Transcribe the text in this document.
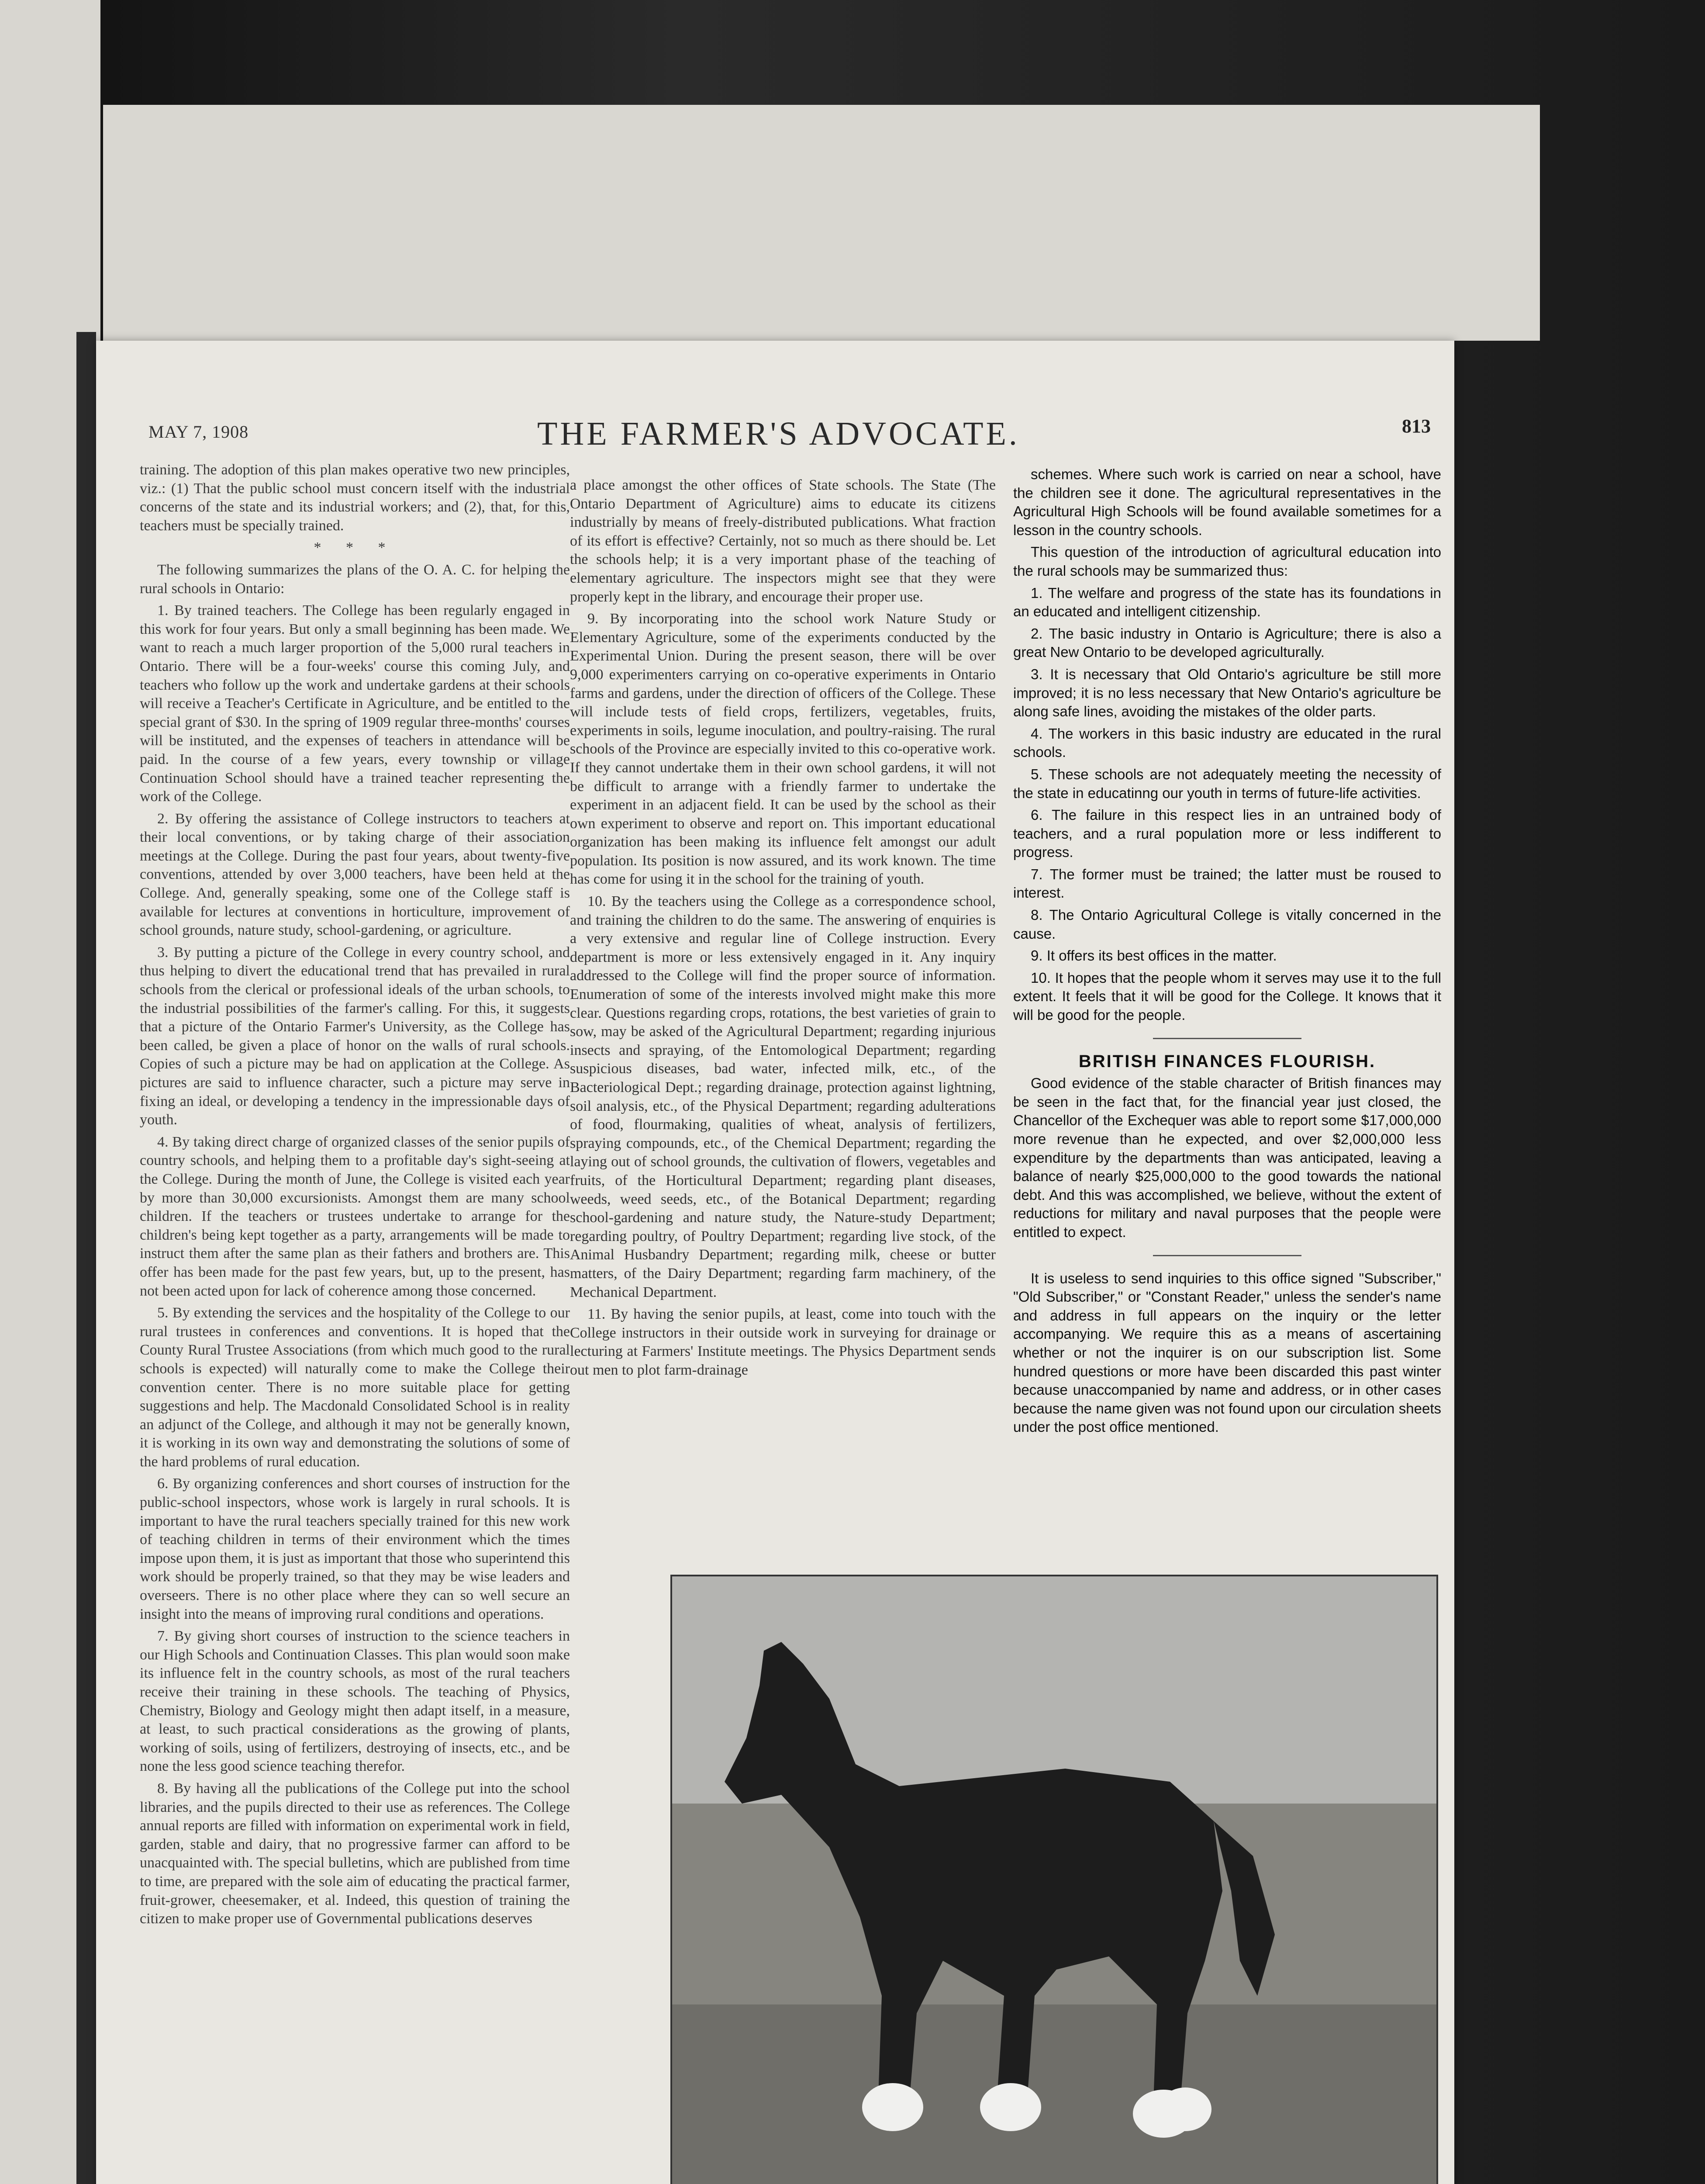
MAY 7, 1908	THE FARMER'S ADVOCATE.	813

training. The adoption of this plan makes operative two new principles, viz.: (1) That the public school must concern itself with the industrial concerns of the state and its industrial workers; and (2), that, for this, teachers must be specially trained.

* * *

The following summarizes the plans of the O. A. C. for helping the rural schools in Ontario:

1. By trained teachers. The College has been regularly engaged in this work for four years. But only a small beginning has been made. We want to reach a much larger proportion of the 5,000 rural teachers in Ontario. There will be a four-weeks' course this coming July, and teachers who follow up the work and undertake gardens at their schools will receive a Teacher's Certificate in Agriculture, and be entitled to the special grant of $30. In the spring of 1909 regular three-months' courses will be instituted, and the expenses of teachers in attendance will be paid. In the course of a few years, every township or village Continuation School should have a trained teacher representing the work of the College.

2. By offering the assistance of College instructors to teachers at their local conventions, or by taking charge of their association meetings at the College. During the past four years, about twenty-five conventions, attended by over 3,000 teachers, have been held at the College. And, generally speaking, some one of the College staff is available for lectures at conventions in horticulture, improvement of school grounds, nature study, school-gardening, or agriculture.

3. By putting a picture of the College in every country school, and thus helping to divert the educational trend that has prevailed in rural schools from the clerical or professional ideals of the urban schools, to the industrial possibilities of the farmer's calling. For this, it suggests that a picture of the Ontario Farmer's University, as the College has been called, be given a place of honor on the walls of rural schools. Copies of such a picture may be had on application at the College. As pictures are said to influence character, such a picture may serve in fixing an ideal, or developing a tendency in the impressionable days of youth.

4. By taking direct charge of organized classes of the senior pupils of country schools, and helping them to a profitable day's sight-seeing at the College. During the month of June, the College is visited each year by more than 30,000 excursionists. Amongst them are many school children. If the teachers or trustees undertake to arrange for the children's being kept together as a party, arrangements will be made to instruct them after the same plan as their fathers and brothers are. This offer has been made for the past few years, but, up to the present, has not been acted upon for lack of coherence among those concerned.

5. By extending the services and the hospitality of the College to our rural trustees in conferences and conventions. It is hoped that the County Rural Trustee Associations (from which much good to the rural schools is expected) will naturally come to make the College their convention center. There is no more suitable place for getting suggestions and help. The Macdonald Consolidated School is in reality an adjunct of the College, and although it may not be generally known, it is working in its own way and demonstrating the solutions of some of the hard problems of rural education.

6. By organizing conferences and short courses of instruction for the public-school inspectors, whose work is largely in rural schools. It is important to have the rural teachers specially trained for this new work of teaching children in terms of their environment which the times impose upon them, it is just as important that those who superintend this work should be properly trained, so that they may be wise leaders and overseers. There is no other place where they can so well secure an insight into the means of improving rural conditions and operations.

7. By giving short courses of instruction to the science teachers in our High Schools and Continuation Classes. This plan would soon make its influence felt in the country schools, as most of the rural teachers receive their training in these schools. The teaching of Physics, Chemistry, Biology and Geology might then adapt itself, in a measure, at least, to such practical considerations as the growing of plants, working of soils, using of fertilizers, destroying of insects, etc., and be none the less good science teaching therefor.

8. By having all the publications of the College put into the school libraries, and the pupils directed to their use as references. The College annual reports are filled with information on experimental work in field, garden, stable and dairy, that no progressive farmer can afford to be unacquainted with. The special bulletins, which are published from time to time, are prepared with the sole aim of educating the practical farmer, fruit-grower, cheesemaker, et al. Indeed, this question of training the citizen to make proper use of Governmental publications deserves

a place amongst the other offices of State schools. The State (The Ontario Department of Agriculture) aims to educate its citizens industrially by means of freely-distributed publications. What fraction of its effort is effective? Certainly, not so much as there should be. Let the schools help; it is a very important phase of the teaching of elementary agriculture. The inspectors might see that they were properly kept in the library, and encourage their proper use.

9. By incorporating into the school work Nature Study or Elementary Agriculture, some of the experiments conducted by the Experimental Union. During the present season, there will be over 9,000 experimenters carrying on co-operative experiments in Ontario farms and gardens, under the direction of officers of the College. These will include tests of field crops, fertilizers, vegetables, fruits, experiments in soils, legume inoculation, and poultry-raising. The rural schools of the Province are especially invited to this co-operative work. If they cannot undertake them in their own school gardens, it will not be difficult to arrange with a friendly farmer to undertake the experiment in an adjacent field. It can be used by the school as their own experiment to observe and report on. This important educational organization has been making its influence felt amongst our adult population. Its position is now assured, and its work known. The time has come for using it in the school for the training of youth.

10. By the teachers using the College as a correspondence school, and training the children to do the same. The answering of enquiries is a very extensive and regular line of College instruction. Every department is more or less extensively engaged in it. Any inquiry addressed to the College will find the proper source of information. Enumeration of some of the interests involved might make this more clear. Questions regarding crops, rotations, the best varieties of grain to sow, may be asked of the Agricultural Department; regarding injurious insects and spraying, of the Entomological Department; regarding suspicious diseases, bad water, infected milk, etc., of the Bacteriological Dept.; regarding drainage, protection against lightning, soil analysis, etc., of the Physical Department; regarding adulterations of food, flourmaking, qualities of wheat, analysis of fertilizers, spraying compounds, etc., of the Chemical Department; regarding the laying out of school grounds, the cultivation of flowers, vegetables and fruits, of the Horticultural Department; regarding plant diseases, weeds, weed seeds, etc., of the Botanical Department; regarding school-gardening and nature study, the Nature-study Department; regarding poultry, of Poultry Department; regarding live stock, of the Animal Husbandry Department; regarding milk, cheese or butter matters, of the Dairy Department; regarding farm machinery, of the Mechanical Department.

11. By having the senior pupils, at least, come into touch with the College instructors in their outside work in surveying for drainage or lecturing at Farmers' Institute meetings. The Physics Department sends out men to plot farm-drainage

schemes. Where such work is carried on near a school, have the children see it done. The agricultural representatives in the Agricultural High Schools will be found available sometimes for a lesson in the country schools.

This question of the introduction of agricultural education into the rural schools may be summarized thus:

1. The welfare and progress of the state has its foundations in an educated and intelligent citizenship.

2. The basic industry in Ontario is Agriculture; there is also a great New Ontario to be developed agriculturally.

3. It is necessary that Old Ontario's agriculture be still more improved; it is no less necessary that New Ontario's agriculture be along safe lines, avoiding the mistakes of the older parts.

4. The workers in this basic industry are educated in the rural schools.

5. These schools are not adequately meeting the necessity of the state in educatinng our youth in terms of future-life activities.

6. The failure in this respect lies in an untrained body of teachers, and a rural population more or less indifferent to progress.

7. The former must be trained; the latter must be roused to interest.

8. The Ontario Agricultural College is vitally concerned in the cause.

9. It offers its best offices in the matter.

10. It hopes that the people whom it serves may use it to the full extent. It feels that it will be good for the College. It knows that it will be good for the people.

BRITISH FINANCES FLOURISH.

Good evidence of the stable character of British finances may be seen in the fact that, for the financial year just closed, the Chancellor of the Exchequer was able to report some $17,000,000 more revenue than he expected, and over $2,000,000 less expenditure by the departments than was anticipated, leaving a balance of nearly $25,000,000 to the good towards the national debt. And this was accomplished, we believe, without the extent of reductions for military and naval purposes that the people were entitled to expect.

It is useless to send inquiries to this office signed "Subscriber," "Old Subscriber," or "Constant Reader," unless the sender's name and address in full appears on the inquiry or the letter accompanying. We require this as a means of ascertaining whether or not the inquirer is on our subscription list. Some hundred questions or more have been discarded this past winter because unaccompanied by name and address, or in other cases because the name given was not found upon our circulation sheets under the post office mentioned.
